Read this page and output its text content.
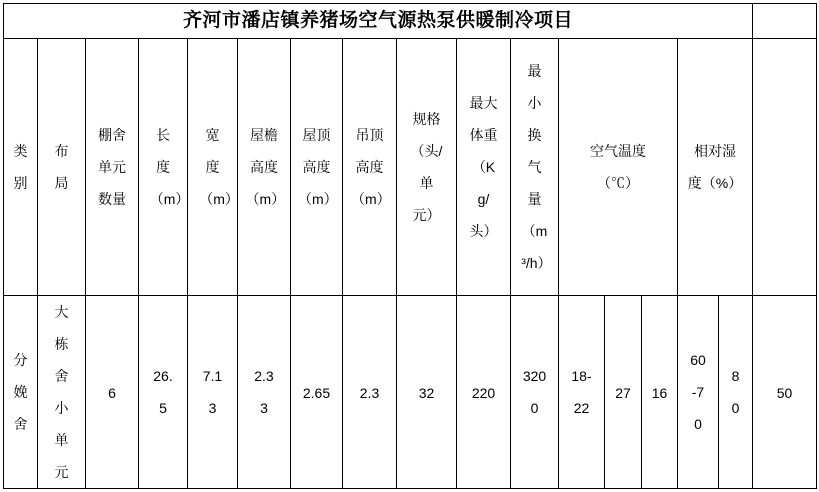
齐河市潘店镇养猪场空气源热泵供暖制冷项目																
类别	布局	棚舍单元数量	长度（m）	宽度（m）	屋檐高度（m）	屋顶高度（m）	吊顶高度（m）	规格（头/单元）	最大体重（Kg/头）	最小换气量（m³/h）	空气温度（℃）			相对湿度（%）		
分娩舍	大栋舍小单元	6	26.5	7.13	2.33	2.65	2.3	32	220	3200	18-22	27	16	60-70	80	50
